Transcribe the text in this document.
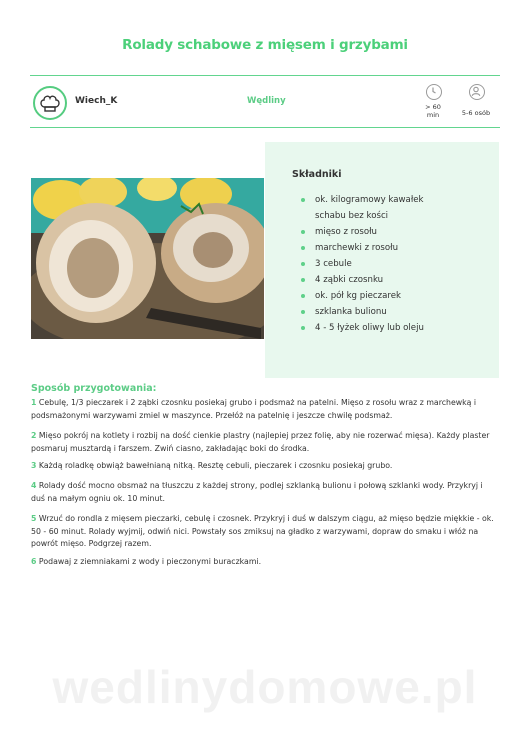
Rolady schabowe z mięsem i grzybami
Wiech_K	Wędliny
> 60
min	5-6 osób
Składniki
ok. kilogramowy kawałek schabu bez kości
mięso z rosołu
marchewki z rosołu
3 cebule
4 ząbki czosnku
ok. pół kg pieczarek
szklanka bulionu
4 - 5 łyżek oliwy lub oleju
Sposób przygotowania:

1 Cebulę, 1/3 pieczarek i 2 ząbki czosnku posiekaj grubo i podsmaż na patelni. Mięso z rosołu wraz z marchewką i podsmażonymi warzywami zmiel w maszynce. Przełóż na patelnię i jeszcze chwilę podsmaż.

2 Mięso pokrój na kotlety i rozbij na dość cienkie plastry (najlepiej przez folię, aby nie rozerwać mięsa). Każdy plaster posmaruj musztardą i farszem. Zwiń ciasno, zakładając boki do środka.

3 Każdą roladkę obwiąż bawełnianą nitką. Resztę cebuli, pieczarek i czosnku posiekaj grubo.

4 Rolady dość mocno obsmaż na tłuszczu z każdej strony, podlej szklanką bulionu i połową szklanki wody. Przykryj i duś na małym ogniu ok. 10 minut.

5 Wrzuć do rondla z mięsem pieczarki, cebulę i czosnek. Przykryj i duś w dalszym ciągu, aż mięso będzie miękkie - ok. 50 - 60 minut. Rolady wyjmij, odwiń nici. Powstały sos zmiksuj na gładko z warzywami, dopraw do smaku i włóż na powrót mięso. Podgrzej razem.

6 Podawaj z ziemniakami z wody i pieczonymi buraczkami.

wedlinydomowe.pl
